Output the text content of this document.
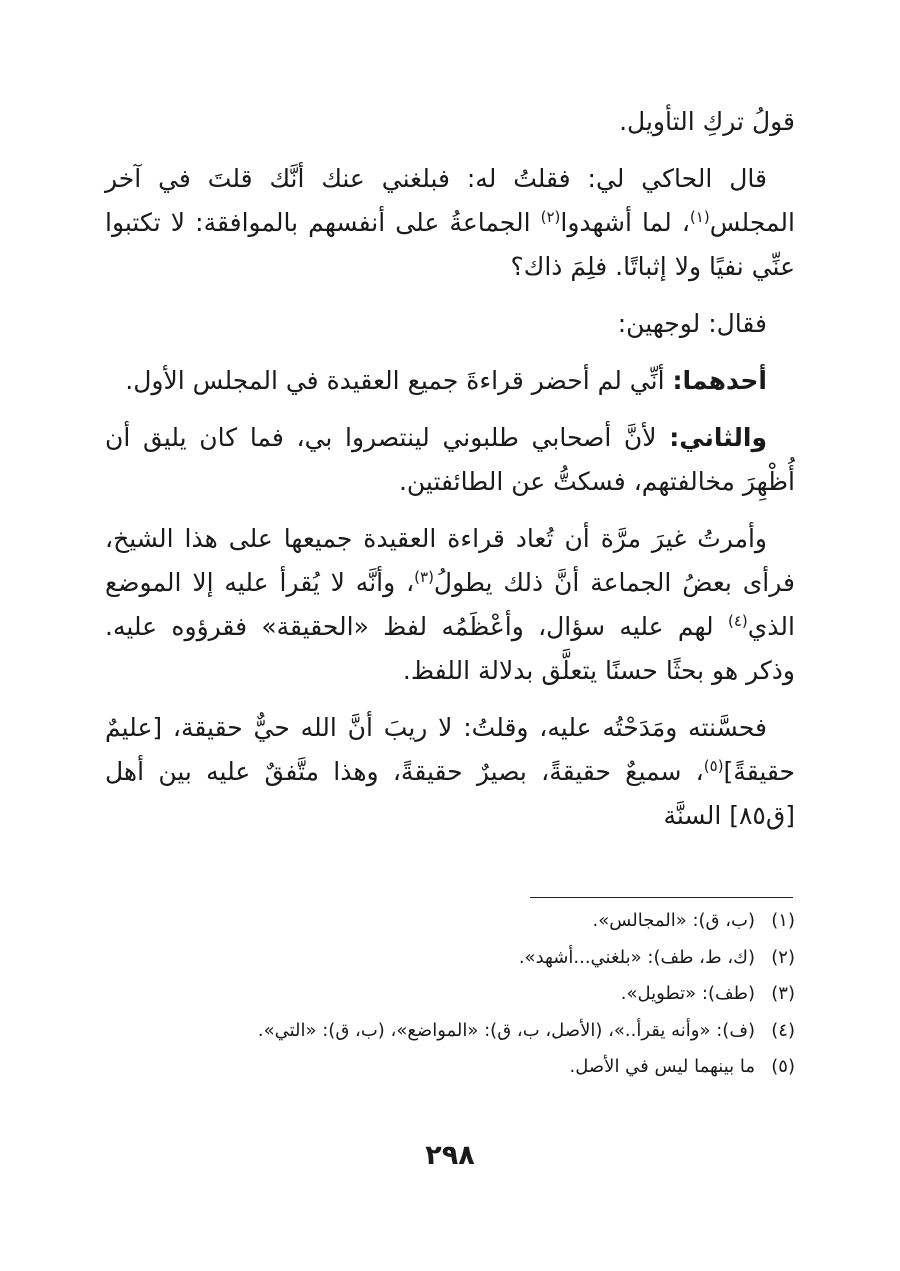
قولُ تركِ التأويل.

قال الحاكي لي: فقلتُ له: فبلغني عنك أنَّك قلتَ في آخر المجلس$^{(١)}$، لما أشهدوا$^{(٢)}$ الجماعةُ على أنفسهم بالموافقة: لا تكتبوا عنِّي نفيًا ولا إثباتًا. فلِمَ ذاك؟

فقال: لوجهين:

أحدهما: أنِّي لم أحضر قراءةَ جميع العقيدة في المجلس الأول.

والثاني: لأنَّ أصحابي طلبوني لينتصروا بي، فما كان يليق أن أُظْهِرَ مخالفتهم، فسكتُّ عن الطائفتين.

وأمرتُ غيرَ مرَّة أن تُعاد قراءة العقيدة جميعها على هذا الشيخ، فرأى بعضُ الجماعة أنَّ ذلك يطولُ$^{(٣)}$، وأنَّه لا يُقرأ عليه إلا الموضع الذي$^{(٤)}$ لهم عليه سؤال، وأعْظَمُه لفظ «الحقيقة» فقرؤوه عليه. وذكر هو بحثًا حسنًا يتعلَّق بدلالة اللفظ.

فحسَّنته ومَدَحْتُه عليه، وقلتُ: لا ريبَ أنَّ الله حيٌّ حقيقة، [عليمٌ حقيقةً]$^{(٥)}$، سميعٌ حقيقةً، بصيرٌ حقيقةً، وهذا متَّفقٌ عليه بين أهل [ق٨٥] السنَّة

(١)(ب، ق): «المجالس».
(٢)(ك، ط، طف): «بلغني...أشهد».
(٣)(طف): «تطويل».
(٤)(ف): «وأنه يقرأ..»، (الأصل، ب، ق): «المواضع»، (ب، ق): «التي».
(٥)ما بينهما ليس في الأصل.
٢٩٨
